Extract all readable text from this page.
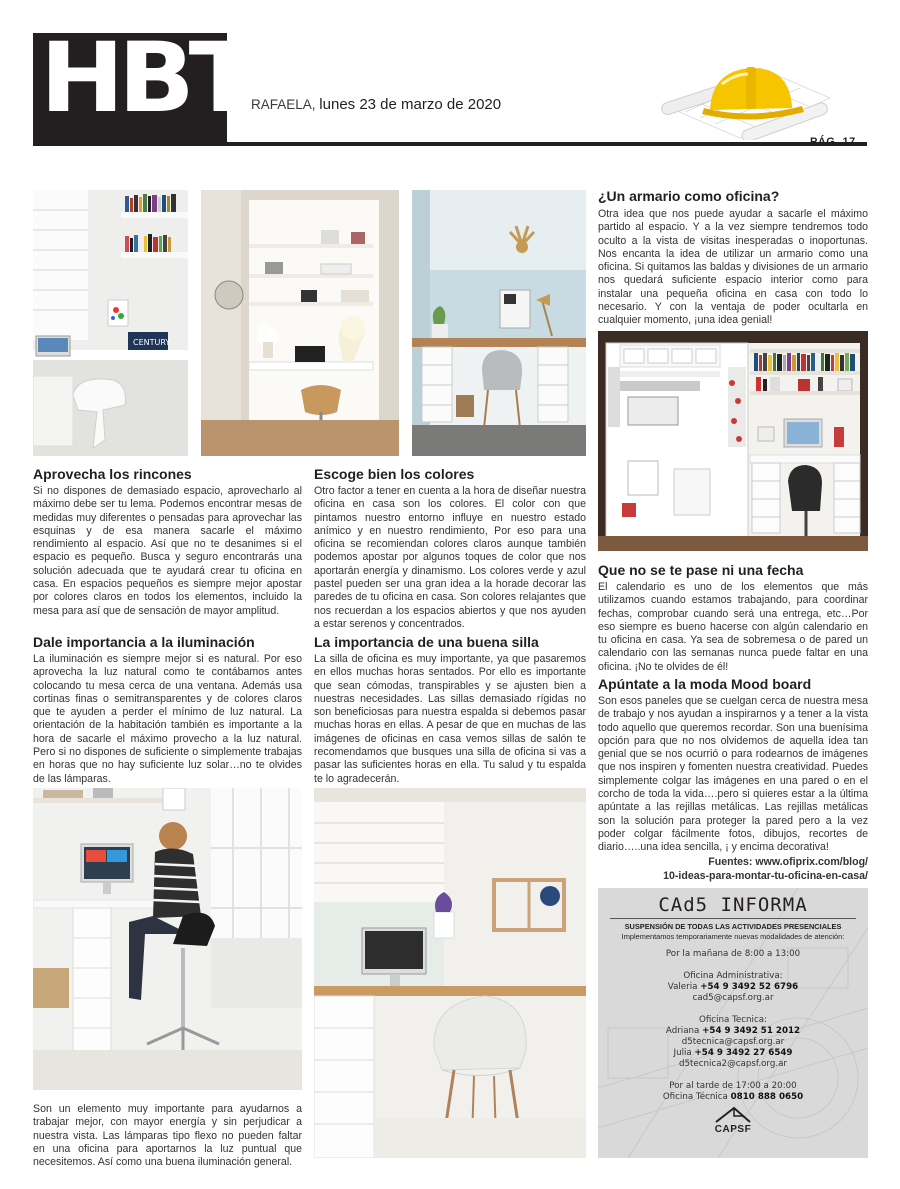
HBT RAFAELA, lunes 23 de marzo de 2020
PÁG. 17
CENTURY
Aprovecha los rincones

Si no dispones de demasiado espacio, aprovecharlo al máximo debe ser tu lema. Podemos encontrar mesas de medidas muy diferentes o pensadas para aprovechar las esquinas y de esa manera sacarle el máximo rendimiento al espacio. Así que no te desanimes si el espacio es pequeño. Busca y seguro encontrarás una solución adecuada que te ayudará crear tu oficina en casa. En espacios pequeños es siempre mejor apostar por colores claros en todos los elementos, incluido la mesa para así que de sensación de mayor amplitud.

Dale importancia a la iluminación

La iluminación es siempre mejor si es natural. Por eso aprovecha la luz natural como te contábamos antes colocando tu mesa cerca de una ventana. Además usa cortinas finas o semitransparentes y de colores claros que te ayuden a perder el mínimo de luz natural. La orientación de la habitación también es importante a la hora de sacarle el máximo provecho a la luz natural. Pero si no dispones de suficiente o simplemente trabajas en horas que no hay suficiente luz solar…no te olvides de las lámparas.

Son un elemento muy importante para ayudarnos a trabajar mejor, con mayor energía y sin perjudicar a nuestra vista. Las lámparas tipo flexo no pueden faltar en una oficina para aportarnos la luz puntual que necesitemos. Así como una buena iluminación general.

Escoge bien los colores

Otro factor a tener en cuenta a la hora de diseñar nuestra oficina en casa son los colores. El color con que pintamos nuestro entorno influye en nuestro estado anímico y en nuestro rendimiento, Por eso para una oficina se recomiendan colores claros aunque también podemos apostar por algunos toques de color que nos aportarán energía y dinamismo. Los colores verde y azul pastel pueden ser una gran idea a la horade decorar las paredes de tu oficina en casa. Son colores relajantes que nos recuerdan a los espacios abiertos y que nos ayuden a estar serenos y concentrados.

La importancia de una buena silla

La silla de oficina es muy importante, ya que pasaremos en ellos muchas horas sentados. Por ello es importante que sean cómodas, transpirables y se ajusten bien a nuestras necesidades. Las sillas demasiado rígidas no son beneficiosas para nuestra espalda si debemos pasar muchas horas en ellas. A pesar de que en muchas de las imágenes de oficinas en casa vemos sillas de salón te recomendamos que busques una silla de oficina si vas a pasar las suficientes horas en ella. Tu salud y tu espalda te lo agradecerán.

¿Un armario como oficina?

Otra idea que nos puede ayudar a sacarle el máximo partido al espacio. Y a la vez siempre tendremos todo oculto a la vista de visitas inesperadas o inoportunas. Nos encanta la idea de utilizar un armario como una oficina. Si quitamos las baldas y divisiones de un armario nos quedará suficiente espacio interior como para instalar una pequeña oficina en casa con todo lo necesario. Y con la ventaja de poder ocultarla en cualquier momento, ¡una idea genial!

Que no se te pase ni una fecha

El calendario es uno de los elementos que más utilizamos cuando estamos trabajando, para coordinar fechas, comprobar cuando será una entrega, etc…Por eso siempre es bueno hacerse con algún calendario en tu oficina en casa. Ya sea de sobremesa o de pared un calendario con las semanas nunca puede faltar en una oficina. ¡No te olvides de él!

Apúntate a la moda Mood board

Son esos paneles que se cuelgan cerca de nuestra mesa de trabajo y nos ayudan a inspirarnos y a tener a la vista todo aquello que queremos recordar. Son una buenísima opción para que no nos olvidemos de aquella idea tan genial que se nos ocurrió o para rodearnos de imágenes que nos inspiren y fomenten nuestra creatividad. Puedes simplemente colgar las imágenes en una pared o en el corcho de toda la vida….pero si quieres estar a la última apúntate a las rejillas metálicas. Las rejillas metálicas son la solución para proteger la pared pero a la vez poder colgar fácilmente fotos, dibujos, recortes de diario…..una idea sencilla, ¡ y encima decorativa!

Fuentes: www.ofiprix.com/blog/
10-ideas-para-montar-tu-oficina-en-casa/
CAd5 INFORMA
SUSPENSIÓN DE TODAS LAS ACTIVIDADES PRESENCIALES
Implementamos temporariamente nuevas modalidades de atención:
Por la mañana de 8:00 a 13:00
Oficina Administrativa:
Valeria +54 9 3492 52 6796
cad5@capsf.org.ar
Oficina Tecnica:
Adriana +54 9 3492 51 2012
d5tecnica@capsf.org.ar
Julia +54 9 3492 27 6549
d5tecnica2@capsf.org.ar
Por al tarde de 17:00 a 20:00
Oficina Técnica 0810 888 0650
CAPSF
